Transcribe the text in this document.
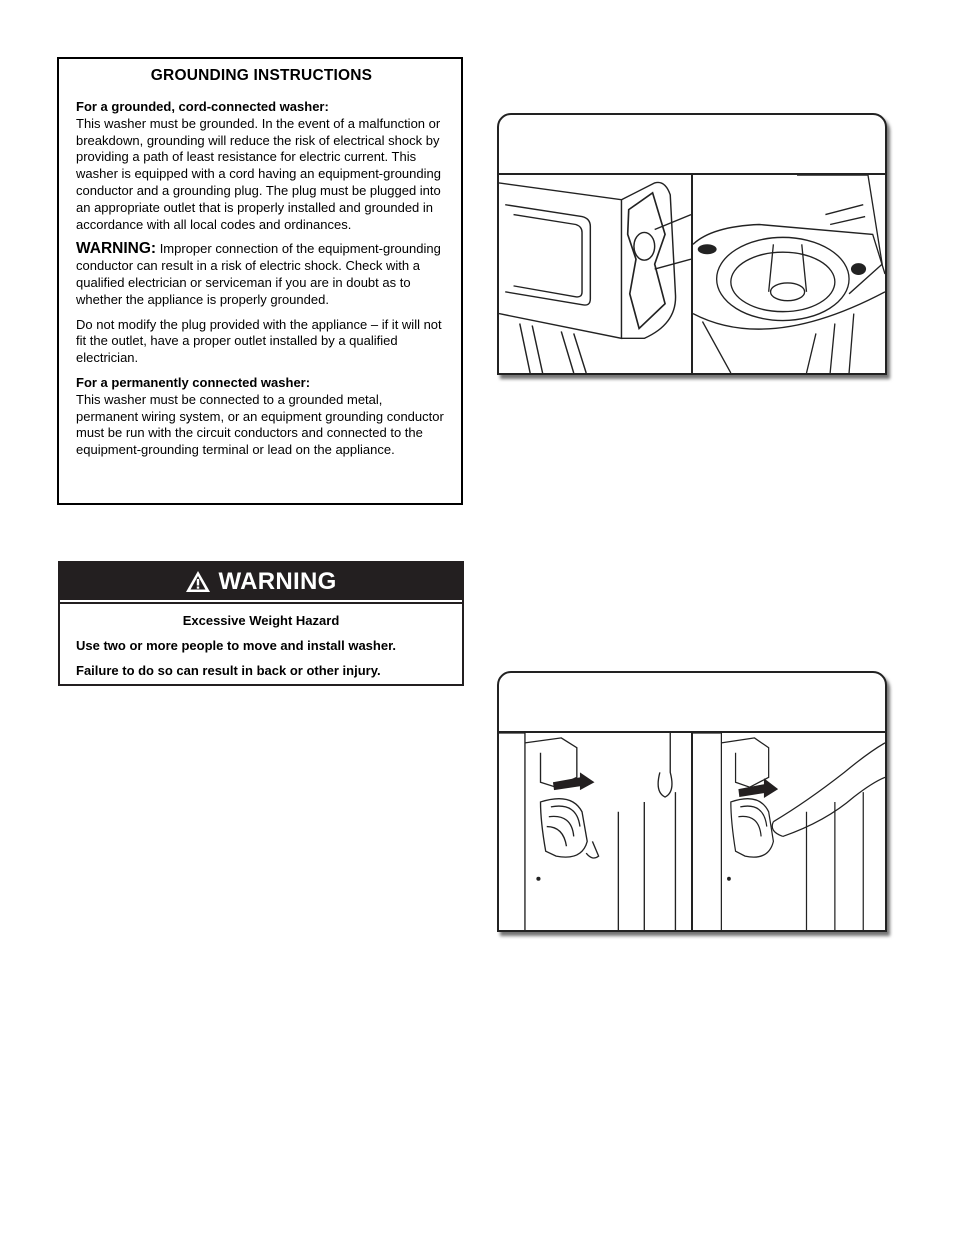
GROUNDING INSTRUCTIONS
For a grounded, cord-connected washer:

This washer must be grounded. In the event of a malfunction or breakdown, grounding will reduce the risk of electrical shock by providing a path of least resistance for electric current. This washer is equipped with a cord having an equipment-grounding conductor and a grounding plug. The plug must be plugged into an appropriate outlet that is properly installed and grounded in accordance with all local codes and ordinances.

WARNING: Improper connection of the equipment-grounding conductor can result in a risk of electric shock. Check with a qualified electrician or serviceman if you are in doubt as to whether the appliance is properly grounded.

Do not modify the plug provided with the appliance – if it will not fit the outlet, have a proper outlet installed by a qualified electrician.

For a permanently connected washer:

This washer must be connected to a grounded metal, permanent wiring system, or an equipment grounding conductor must be run with the circuit conductors and connected to the equipment-grounding terminal or lead on the appliance.

WARNING
Excessive Weight Hazard
Use two or more people to move and install washer.
Failure to do so can result in back or other injury.
